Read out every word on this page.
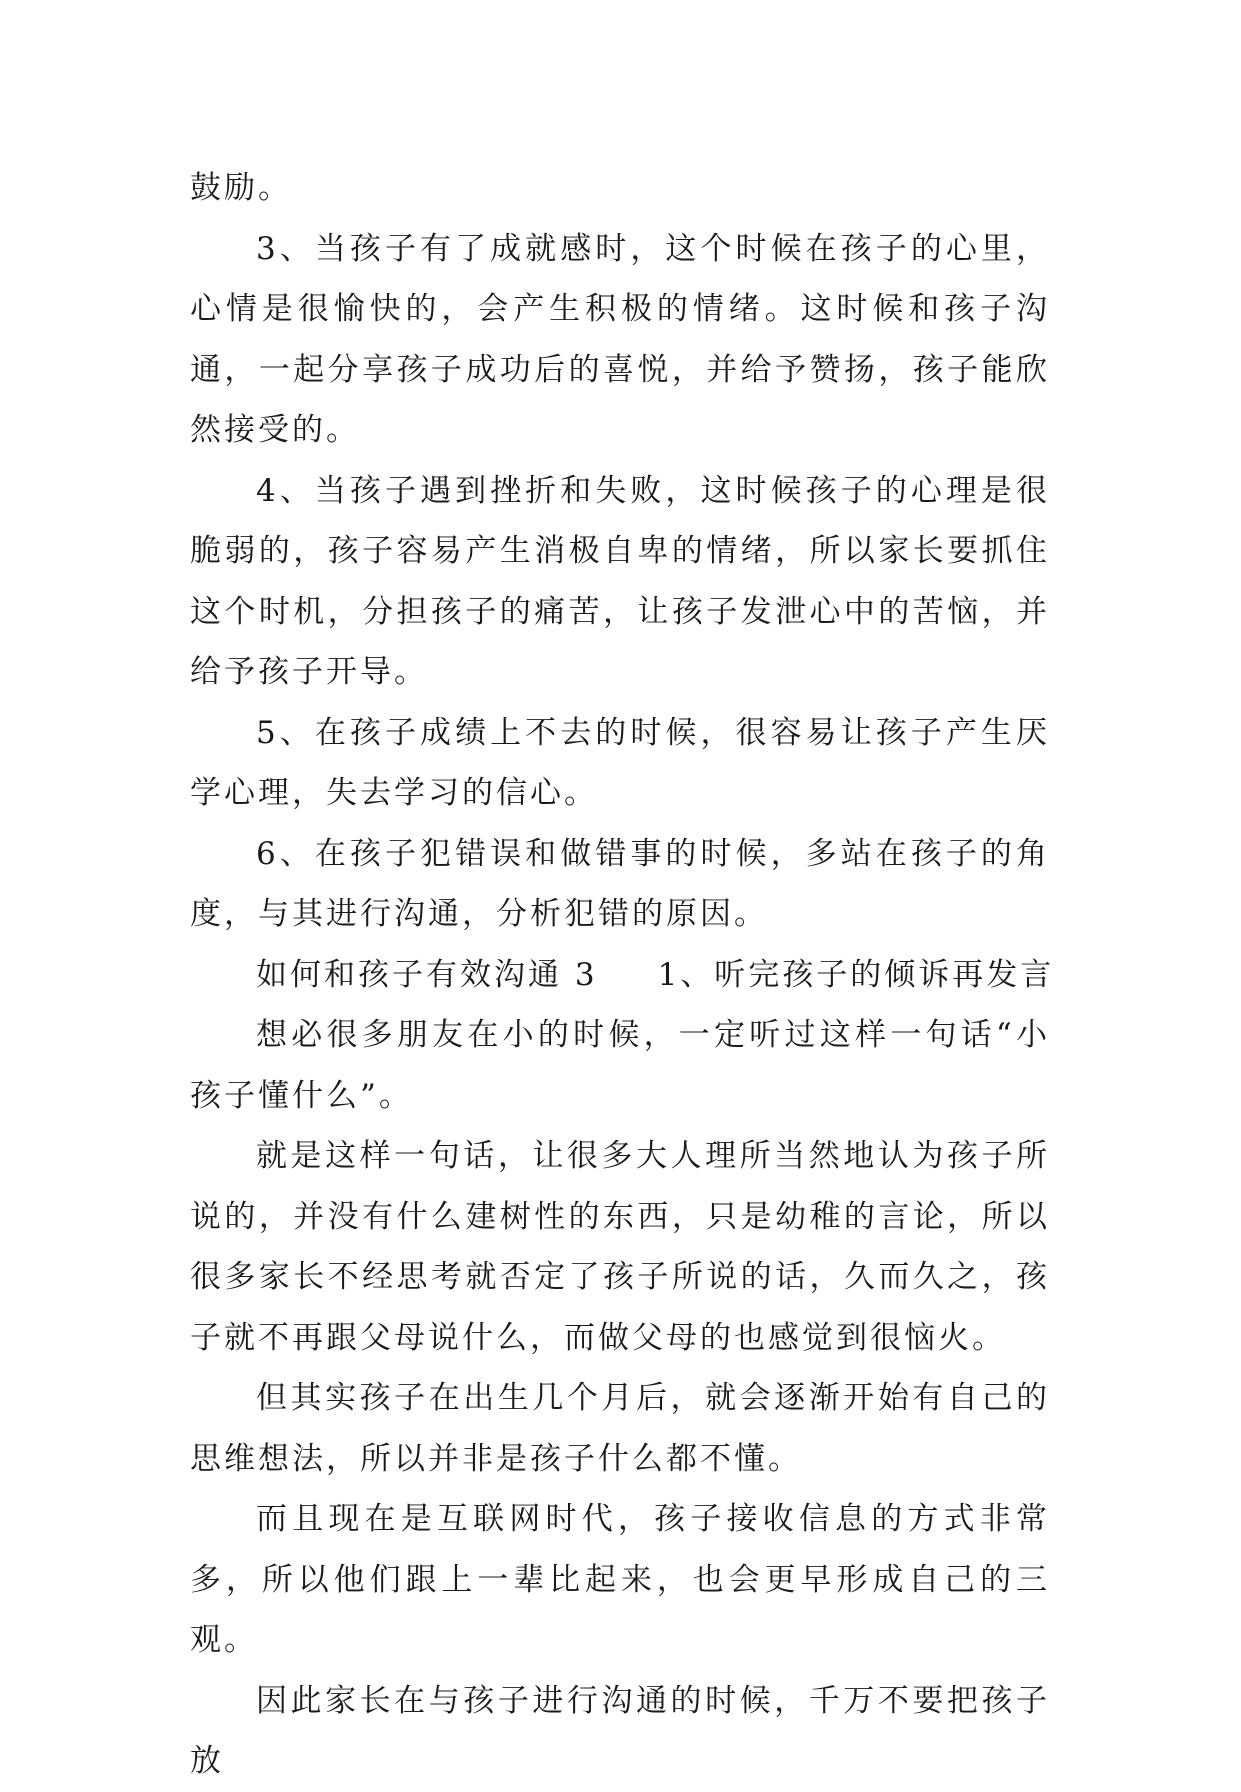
鼓励。

3、当孩子有了成就感时，这个时候在孩子的心里，心情是很愉快的，会产生积极的情绪。这时候和孩子沟通，一起分享孩子成功后的喜悦，并给予赞扬，孩子能欣然接受的。

4、当孩子遇到挫折和失败，这时候孩子的心理是很脆弱的，孩子容易产生消极自卑的情绪，所以家长要抓住这个时机，分担孩子的痛苦，让孩子发泄心中的苦恼，并给予孩子开导。

5、在孩子成绩上不去的时候，很容易让孩子产生厌学心理，失去学习的信心。

6、在孩子犯错误和做错事的时候，多站在孩子的角度，与其进行沟通，分析犯错的原因。

如何和孩子有效沟通 3 1、听完孩子的倾诉再发言

想必很多朋友在小的时候，一定听过这样一句话“小孩子懂什么”。

就是这样一句话，让很多大人理所当然地认为孩子所说的，并没有什么建树性的东西，只是幼稚的言论，所以很多家长不经思考就否定了孩子所说的话，久而久之，孩子就不再跟父母说什么，而做父母的也感觉到很恼火。

但其实孩子在出生几个月后，就会逐渐开始有自己的思维想法，所以并非是孩子什么都不懂。

而且现在是互联网时代，孩子接收信息的方式非常多，所以他们跟上一辈比起来，也会更早形成自己的三观。

因此家长在与孩子进行沟通的时候，千万不要把孩子放
